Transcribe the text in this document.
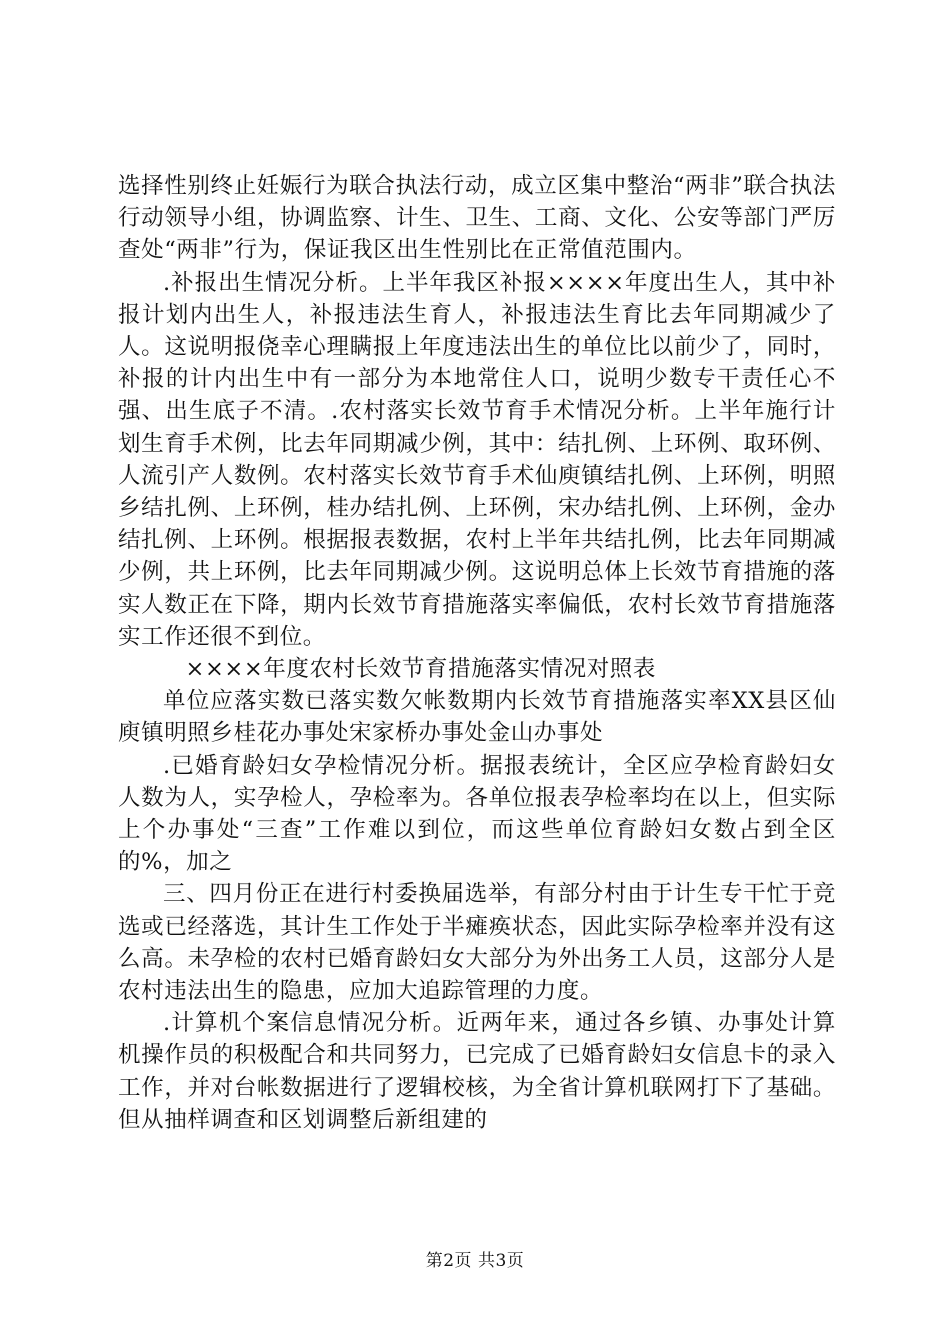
选择性别终止妊娠行为联合执法行动，成立区集中整治“两非”联合执法行动领导小组，协调监察、计生、卫生、工商、文化、公安等部门严厉查处“两非”行为，保证我区出生性别比在正常值范围内。

.补报出生情况分析。上半年我区补报××××年度出生人，其中补报计划内出生人，补报违法生育人，补报违法生育比去年同期减少了人。这说明报侥幸心理瞒报上年度违法出生的单位比以前少了，同时，补报的计内出生中有一部分为本地常住人口，说明少数专干责任心不强、出生底子不清。.农村落实长效节育手术情况分析。上半年施行计划生育手术例，比去年同期减少例，其中：结扎例、上环例、取环例、人流引产人数例。农村落实长效节育手术仙庾镇结扎例、上环例，明照乡结扎例、上环例，桂办结扎例、上环例，宋办结扎例、上环例，金办结扎例、上环例。根据报表数据，农村上半年共结扎例，比去年同期减少例，共上环例，比去年同期减少例。这说明总体上长效节育措施的落实人数正在下降，期内长效节育措施落实率偏低，农村长效节育措施落实工作还很不到位。

××××年度农村长效节育措施落实情况对照表

单位应落实数已落实数欠帐数期内长效节育措施落实率XX县区仙庾镇明照乡桂花办事处宋家桥办事处金山办事处

.已婚育龄妇女孕检情况分析。据报表统计，全区应孕检育龄妇女人数为人，实孕检人，孕检率为。各单位报表孕检率均在以上，但实际上个办事处“三查”工作难以到位，而这些单位育龄妇女数占到全区的%，加之

三、四月份正在进行村委换届选举，有部分村由于计生专干忙于竞选或已经落选，其计生工作处于半瘫痪状态，因此实际孕检率并没有这么高。未孕检的农村已婚育龄妇女大部分为外出务工人员，这部分人是农村违法出生的隐患，应加大追踪管理的力度。

.计算机个案信息情况分析。近两年来，通过各乡镇、办事处计算机操作员的积极配合和共同努力，已完成了已婚育龄妇女信息卡的录入工作，并对台帐数据进行了逻辑校核，为全省计算机联网打下了基础。但从抽样调查和区划调整后新组建的

第2页 共3页
